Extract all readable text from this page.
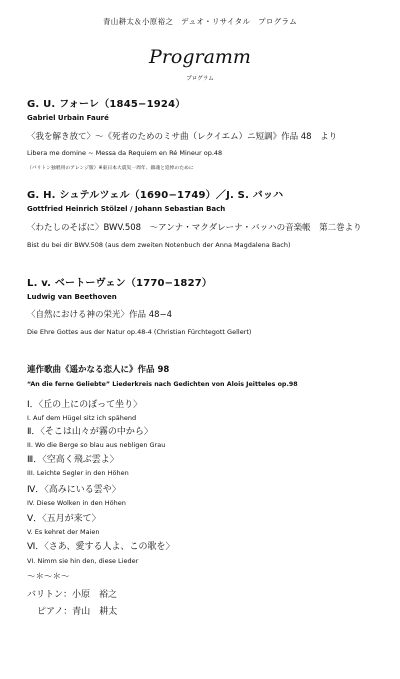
青山耕太＆小原裕之　デュオ・リサイタル　プログラム
Programm
プログラム
G. U. フォーレ（1845−1924）
Gabriel Urbain Fauré
〈我を解き放て〉～《死者のためのミサ曲（レクイエム）ニ短調》作品 48　より
Libera me domine ~ Messa da Requiem en Ré Mineur op.48
（バリトン独唱用のアレンジ版）※東日本大震災一周年、鎮魂と追悼のために
G. H. シュテルツェル（1690−1749）／J. S. バッハ
Gottfried Heinrich Stölzel / Johann Sebastian Bach
〈わたしのそばに〉BWV.508　～アンナ・マクダレーナ・バッハの音楽帳　第二巻より
Bist du bei dir BWV.508 (aus dem zweiten Notenbuch der Anna Magdalena Bach)
L. v. ベートーヴェン（1770−1827）
Ludwig van Beethoven
〈自然における神の栄光〉作品 48−4
Die Ehre Gottes aus der Natur op.48-4 (Christian Fürchtegott Gellert)
連作歌曲《遥かなる恋人に》作品 98
“An die ferne Geliebte” Liederkreis nach Gedichten von Alois Jeitteles op.98
Ⅰ．〈丘の上にのぼって坐り〉
I. Auf dem Hügel sitz ich spähend
Ⅱ．〈そこは山々が霧の中から〉
II. Wo die Berge so blau aus nebligen Grau
Ⅲ．〈空高く飛ぶ雲よ〉
III. Leichte Segler in den Höhen
Ⅳ．〈高みにいる雲や〉
IV. Diese Wolken in den Höhen
Ⅴ．〈五月が来て〉
V. Es kehret der Maien
Ⅵ．〈さあ、愛する人よ、この歌を〉
VI. Nimm sie hin den, diese Lieder
～＊～＊～
バリトン：小原　裕之
ピアノ：青山　耕太
